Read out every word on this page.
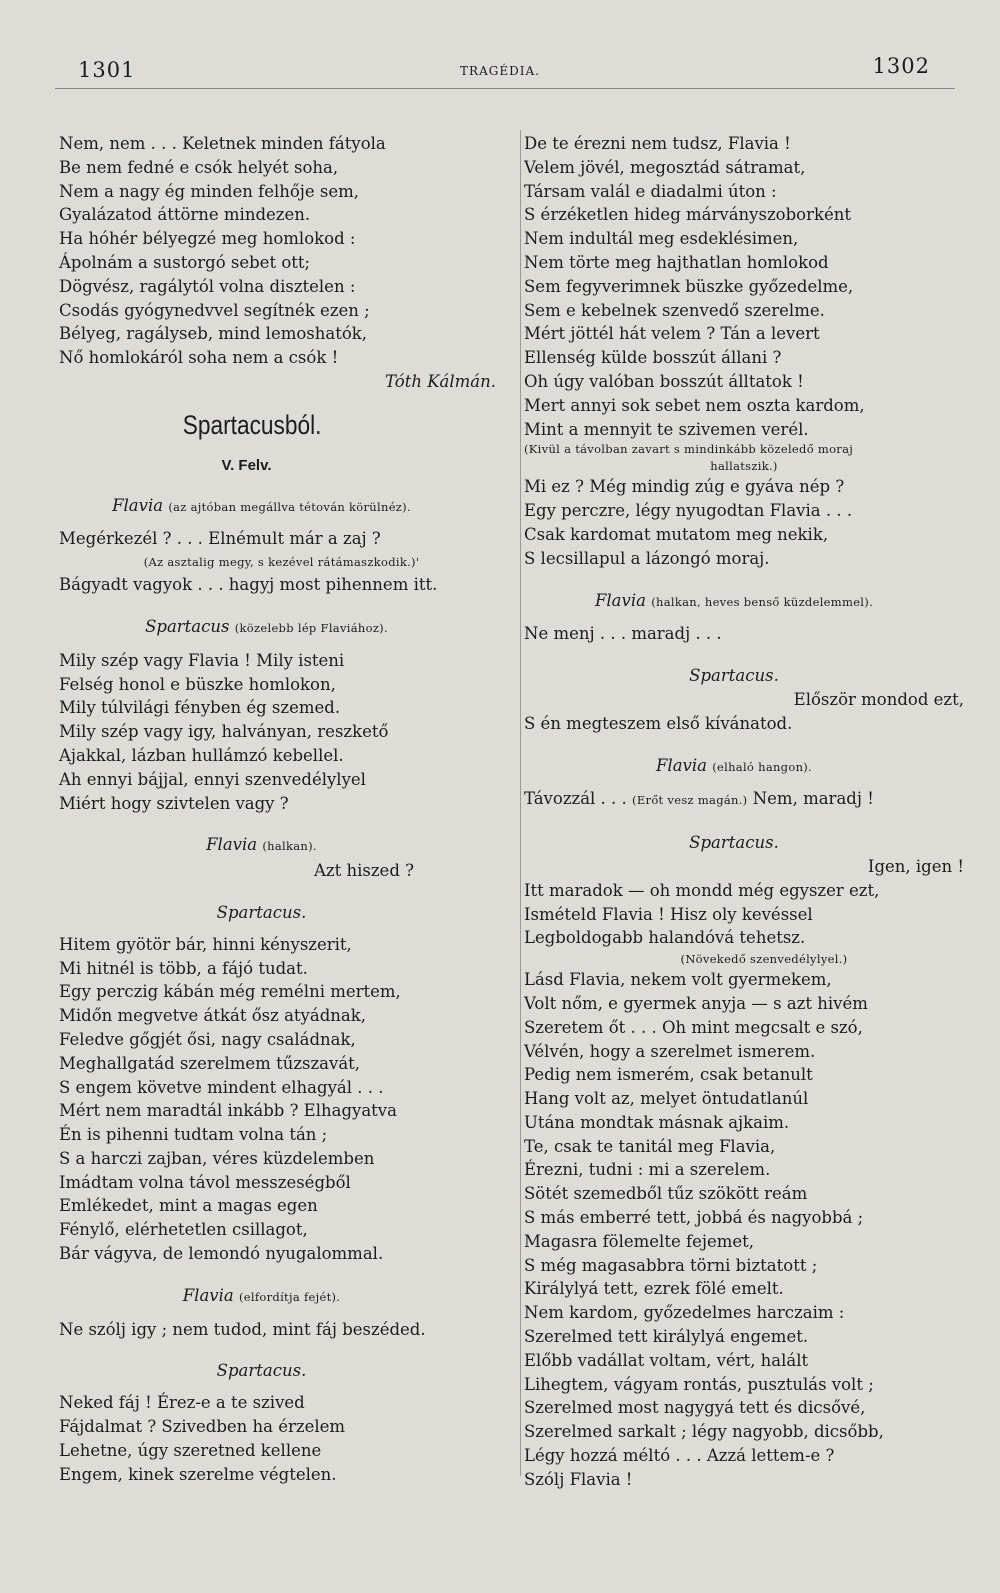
1301	TRAGÉDIA.	1302
Nem, nem . . . Keletnek minden fátyola
Be nem fedné e csók helyét soha,
Nem a nagy ég minden felhője sem,
Gyalázatod áttörne mindezen.
Ha hóhér bélyegzé meg homlokod :
Ápolnám a sustorgó sebet ott;
Dögvész, ragálytól volna disztelen :
Csodás gyógynedvvel segítnék ezen ;
Bélyeg, ragályseb, mind lemoshatók,
Nő homlokáról soha nem a csók !
Tóth Kálmán.
Spartacusból.
V. Felv.
Flavia (az ajtóban megállva tétován körülnéz).
Megérkezél ? . . . Elnémult már a zaj ?
(Az asztalig megy, s kezével rátámaszkodik.)'
Bágyadt vagyok . . . hagyj most pihennem itt.
Spartacus (közelebb lép Flaviához).
Mily szép vagy Flavia ! Mily isteni
Felség honol e büszke homlokon,
Mily túlvilági fényben ég szemed.
Mily szép vagy igy, halványan, reszkető
Ajakkal, lázban hullámzó kebellel.
Ah ennyi bájjal, ennyi szenvedélylyel
Miért hogy szivtelen vagy ?
Flavia (halkan).
Azt hiszed ?
Spartacus.
Hitem gyötör bár, hinni kényszerit,
Mi hitnél is több, a fájó tudat.
Egy perczig kábán még remélni mertem,
Midőn megvetve átkát ősz atyádnak,
Feledve gőgjét ősi, nagy családnak,
Meghallgatád szerelmem tűzszavát,
S engem követve mindent elhagyál . . .
Mért nem maradtál inkább ? Elhagyatva
Én is pihenni tudtam volna tán ;
S a harczi zajban, véres küzdelemben
Imádtam volna távol messzeségből
Emlékedet, mint a magas egen
Fénylő, elérhetetlen csillagot,
Bár vágyva, de lemondó nyugalommal.
Flavia (elfordítja fejét).
Ne szólj igy ; nem tudod, mint fáj beszéded.
Spartacus.
Neked fáj ! Érez-e a te szived
Fájdalmat ? Szivedben ha érzelem
Lehetne, úgy szeretned kellene
Engem, kinek szerelme végtelen.
De te érezni nem tudsz, Flavia !
Velem jövél, megosztád sátramat,
Társam valál e diadalmi úton :
S érzéketlen hideg márványszoborként
Nem indultál meg esdeklésimen,
Nem törte meg hajthatlan homlokod
Sem fegyverimnek büszke győzedelme,
Sem e kebelnek szenvedő szerelme.
Mért jöttél hát velem ? Tán a levert
Ellenség külde bosszút állani ?
Oh úgy valóban bosszút álltatok !
Mert annyi sok sebet nem oszta kardom,
Mint a mennyit te szivemen verél.
(Kivül a távolban zavart s mindinkább közeledő moraj
hallatszik.)
Mi ez ? Még mindig zúg e gyáva nép ?
Egy perczre, légy nyugodtan Flavia . . .
Csak kardomat mutatom meg nekik,
S lecsillapul a lázongó moraj.
Flavia (halkan, heves benső küzdelemmel).
Ne menj . . . maradj . . .
Spartacus.
Először mondod ezt,
S én megteszem első kívánatod.
Flavia (elhaló hangon).
Távozzál . . . (Erőt vesz magán.) Nem, maradj !
Spartacus.
Igen, igen !
Itt maradok — oh mondd még egyszer ezt,
Ismételd Flavia ! Hisz oly kevéssel
Legboldogabb halandóvá tehetsz.
(Növekedő szenvedélylyel.)
Lásd Flavia, nekem volt gyermekem,
Volt nőm, e gyermek anyja — s azt hivém
Szeretem őt . . . Oh mint megcsalt e szó,
Vélvén, hogy a szerelmet ismerem.
Pedig nem ismerém, csak betanult
Hang volt az, melyet öntudatlanúl
Utána mondtak másnak ajkaim.
Te, csak te tanitál meg Flavia,
Érezni, tudni : mi a szerelem.
Sötét szemedből tűz szökött reám
S más emberré tett, jobbá és nagyobbá ;
Magasra fölemelte fejemet,
S még magasabbra törni biztatott ;
Királylyá tett, ezrek fölé emelt.
Nem kardom, győzedelmes harczaim :
Szerelmed tett királylyá engemet.
Előbb vadállat voltam, vért, halált
Lihegtem, vágyam rontás, pusztulás volt ;
Szerelmed most nagygyá tett és dicsővé,
Szerelmed sarkalt ; légy nagyobb, dicsőbb,
Légy hozzá méltó . . . Azzá lettem-e ?
Szólj Flavia !
